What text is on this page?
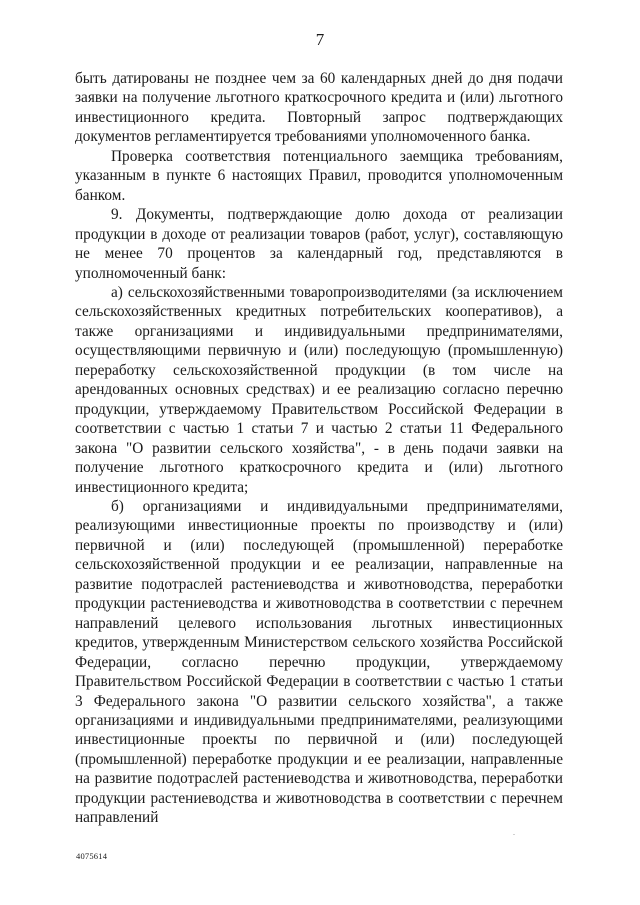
7

быть датированы не позднее чем за 60 календарных дней до дня подачи заявки на получение льготного краткосрочного кредита и (или) льготного инвестиционного кредита. Повторный запрос подтверждающих документов регламентируется требованиями уполномоченного банка.

Проверка соответствия потенциального заемщика требованиям, указанным в пункте 6 настоящих Правил, проводится уполномоченным банком.

9. Документы, подтверждающие долю дохода от реализации продукции в доходе от реализации товаров (работ, услуг), составляющую не менее 70 процентов за календарный год, представляются в уполномоченный банк:

а) сельскохозяйственными товаропроизводителями (за исключением сельскохозяйственных кредитных потребительских кооперативов), а также организациями и индивидуальными предпринимателями, осуществляющими первичную и (или) последующую (промышленную) переработку сельскохозяйственной продукции (в том числе на арендованных основных средствах) и ее реализацию согласно перечню продукции, утверждаемому Правительством Российской Федерации в соответствии с частью 1 статьи 7 и частью 2 статьи 11 Федерального закона "О развитии сельского хозяйства", - в день подачи заявки на получение льготного краткосрочного кредита и (или) льготного инвестиционного кредита;

б) организациями и индивидуальными предпринимателями, реализующими инвестиционные проекты по производству и (или) первичной и (или) последующей (промышленной) переработке сельскохозяйственной продукции и ее реализации, направленные на развитие подотраслей растениеводства и животноводства, переработки продукции растениеводства и животноводства в соответствии с перечнем направлений целевого использования льготных инвестиционных кредитов, утвержденным Министерством сельского хозяйства Российской Федерации, согласно перечню продукции, утверждаемому Правительством Российской Федерации в соответствии с частью 1 статьи 3 Федерального закона "О развитии сельского хозяйства", а также организациями и индивидуальными предпринимателями, реализующими инвестиционные проекты по первичной и (или) последующей (промышленной) переработке продукции и ее реализации, направленные на развитие подотраслей растениеводства и животноводства, переработки продукции растениеводства и животноводства в соответствии с перечнем направлений

.
4075614
